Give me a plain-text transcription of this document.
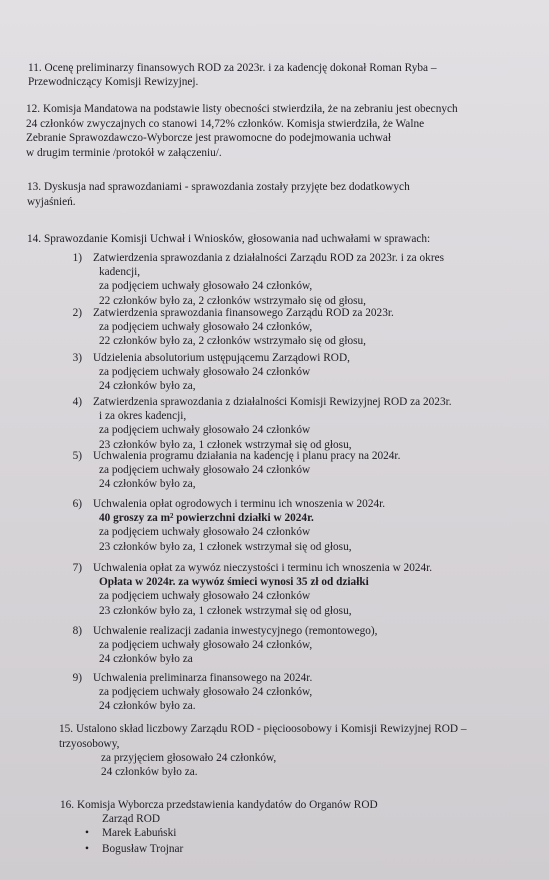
11. Ocenę preliminarzy finansowych ROD za 2023r. i za kadencję dokonał Roman Ryba –
Przewodniczący Komisji Rewizyjnej.
12. Komisja Mandatowa na podstawie listy obecności stwierdziła, że na zebraniu jest obecnych
24 członków zwyczajnych co stanowi 14,72% członków. Komisja stwierdziła, że Walne
Zebranie Sprawozdawczo-Wyborcze jest prawomocne do podejmowania uchwał
w drugim terminie /protokół w załączeniu/.
13. Dyskusja nad sprawozdaniami - sprawozdania zostały przyjęte bez dodatkowych
wyjaśnień.
14. Sprawozdanie Komisji Uchwał i Wniosków, głosowania nad uchwałami w sprawach:
1) Zatwierdzenia sprawozdania z działalności Zarządu ROD za 2023r. i za okres
kadencji,
za podjęciem uchwały głosowało 24 członków,
22 członków było za, 2 członków wstrzymało się od głosu,
2) Zatwierdzenia sprawozdania finansowego Zarządu ROD za 2023r.
za podjęciem uchwały głosowało 24 członków,
22 członków było za, 2 członków wstrzymało się od głosu,
3) Udzielenia absolutorium ustępującemu Zarządowi ROD,
za podjęciem uchwały głosowało 24 członków
24 członków było za,
4) Zatwierdzenia sprawozdania z działalności Komisji Rewizyjnej ROD za 2023r.
i za okres kadencji,
za podjęciem uchwały głosowało 24 członków
23 członków było za, 1 członek wstrzymał się od głosu,
5) Uchwalenia programu działania na kadencję i planu pracy na 2024r.
za podjęciem uchwały głosowało 24 członków
24 członków było za,
6) Uchwalenia opłat ogrodowych i terminu ich wnoszenia w 2024r.
40 groszy za m² powierzchni działki w 2024r.
za podjęciem uchwały głosowało 24 członków
23 członków było za, 1 członek wstrzymał się od głosu,
7) Uchwalenia opłat za wywóz nieczystości i terminu ich wnoszenia w 2024r.
Opłata w 2024r. za wywóz śmieci wynosi 35 zł od działki
za podjęciem uchwały głosowało 24 członków
23 członków było za, 1 członek wstrzymał się od głosu,
8) Uchwalenie realizacji zadania inwestycyjnego (remontowego),
za podjęciem uchwały głosowało 24 członków,
24 członków było za
9) Uchwalenia preliminarza finansowego na 2024r.
za podjęciem uchwały głosowało 24 członków,
24 członków było za.
15. Ustalono skład liczbowy Zarządu ROD - pięcioosobowy i Komisji Rewizyjnej ROD –
trzyosobowy,
za przyjęciem głosowało 24 członków,
24 członków było za.
16. Komisja Wyborcza przedstawienia kandydatów do Organów ROD
Zarząd ROD
• Marek Łabuński
• Bogusław Trojnar
